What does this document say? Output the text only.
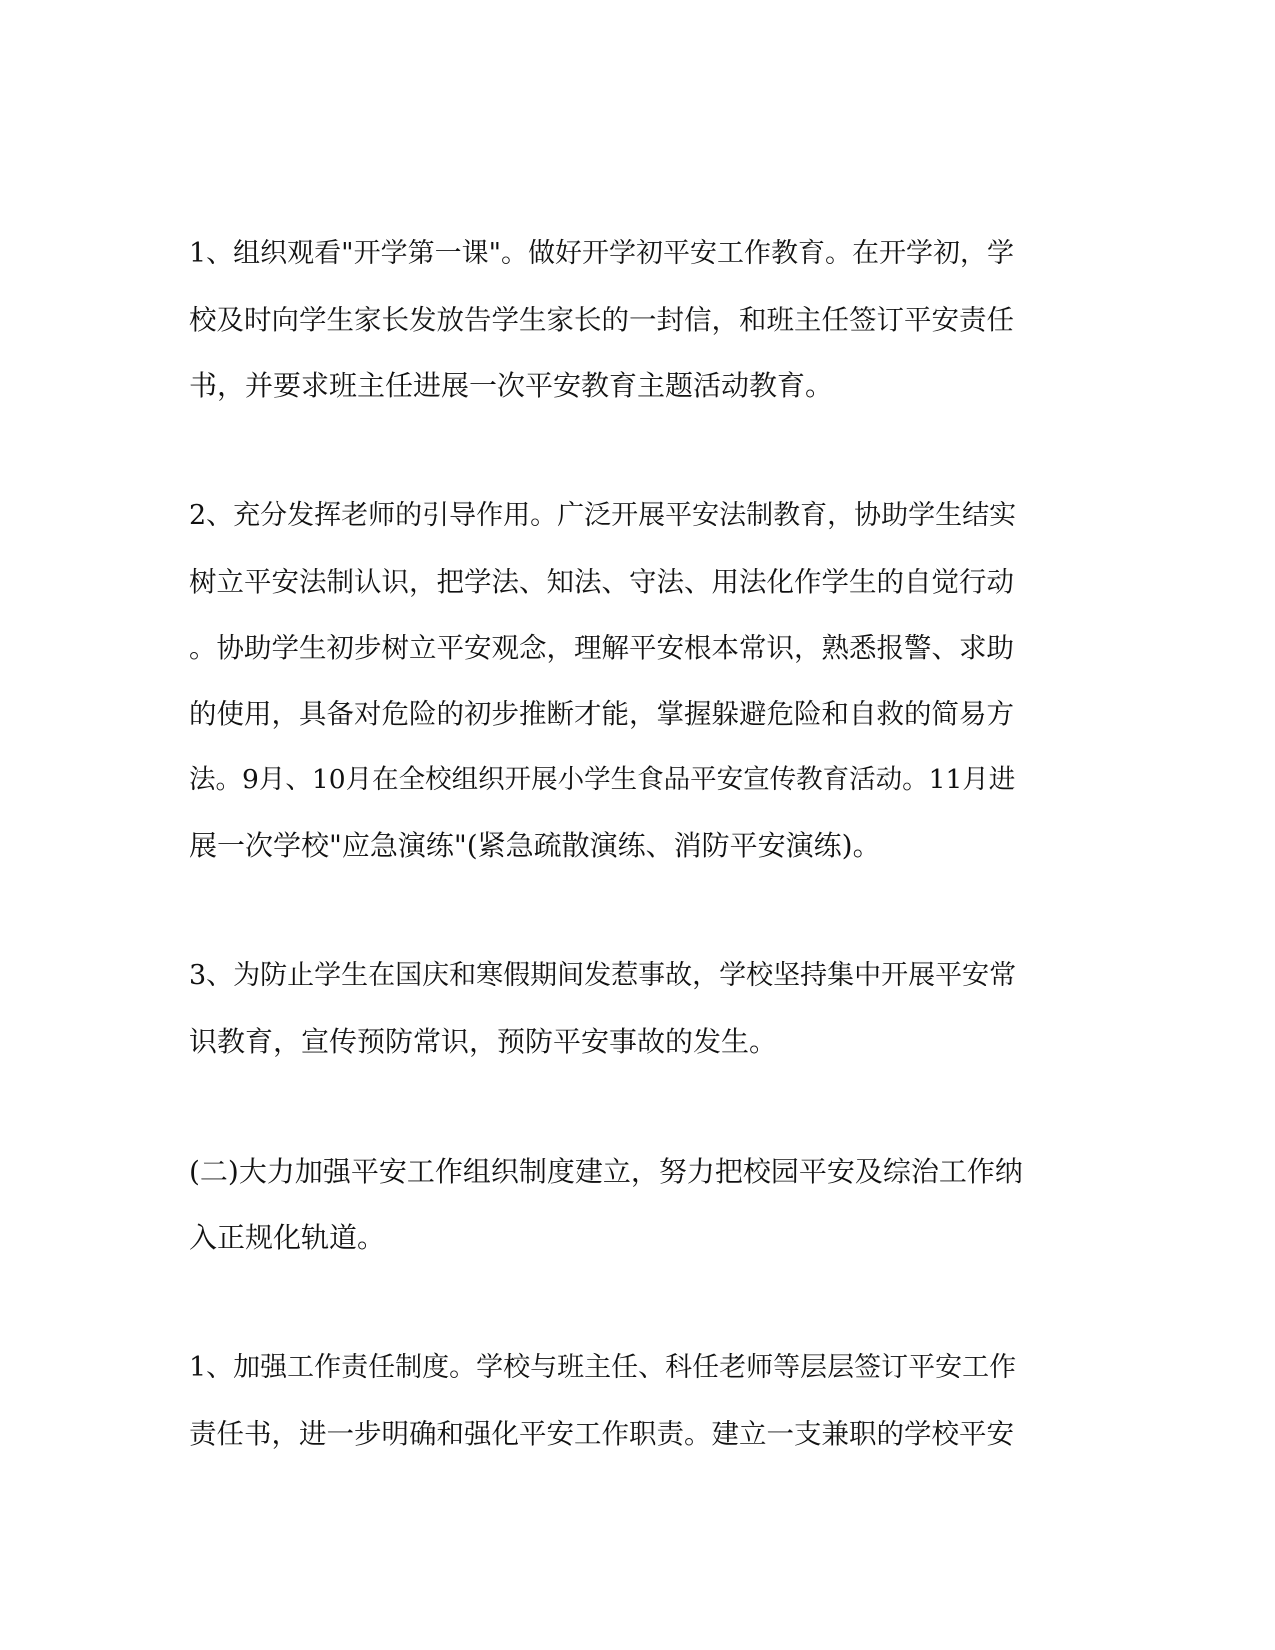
1、组织观看"开学第一课"。做好开学初平安工作教育。在开学初，学
校及时向学生家长发放告学生家长的一封信，和班主任签订平安责任
书，并要求班主任进展一次平安教育主题活动教育。
2、充分发挥老师的引导作用。广泛开展平安法制教育，协助学生结实
树立平安法制认识，把学法、知法、守法、用法化作学生的自觉行动
。协助学生初步树立平安观念，理解平安根本常识，熟悉报警、求助
的使用，具备对危险的初步推断才能，掌握躲避危险和自救的简易方
法。9月、10月在全校组织开展小学生食品平安宣传教育活动。11月进
展一次学校"应急演练"(紧急疏散演练、消防平安演练)。
3、为防止学生在国庆和寒假期间发惹事故，学校坚持集中开展平安常
识教育，宣传预防常识，预防平安事故的发生。
(二)大力加强平安工作组织制度建立，努力把校园平安及综治工作纳
入正规化轨道。
1、加强工作责任制度。学校与班主任、科任老师等层层签订平安工作
责任书，进一步明确和强化平安工作职责。建立一支兼职的学校平安
